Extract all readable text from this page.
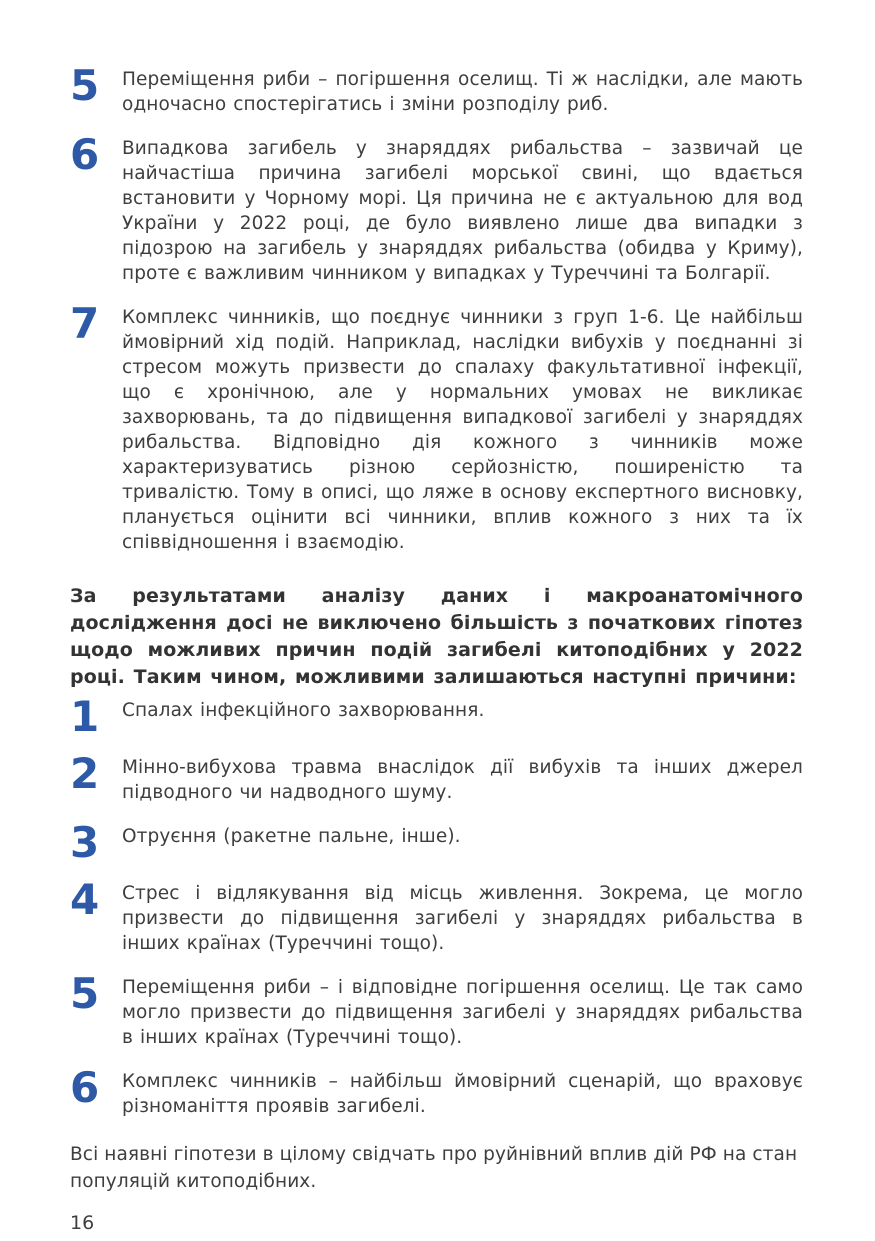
5	Переміщення риби – погіршення оселищ. Ті ж наслідки, але мають одночасно спостерігатись і зміни розподілу риб.
6	Випадкова загибель у знаряддях рибальства – зазвичай це найчастіша причина загибелі морської свині, що вдається встановити у Чорному морі. Ця причина не є актуальною для вод України у 2022 році, де було виявлено лише два випадки з підозрою на загибель у знаряддях рибальства (обидва у Криму), проте є важливим чинником у випадках у Туреччині та Болгарії.
7	Комплекс чинників, що поєднує чинники з груп 1-6. Це найбільш ймовірний хід подій. Наприклад, наслідки вибухів у поєднанні зі стресом можуть призвести до спалаху факультативної інфекції, що є хронічною, але у нормальних умовах не викликає захворювань, та до підвищення випадкової загибелі у знаряддях рибальства. Відповідно дія кожного з чинників може характеризуватись різною серйозністю, поширеністю та тривалістю. Тому в описі, що ляже в основу експертного висновку, планується оцінити всі чинники, вплив кожного з них та їх співвідношення і взаємодію.
За результатами аналізу даних і макроанатомічного дослідження досі не виключено більшість з початкових гіпотез щодо можливих причин подій загибелі китоподібних у 2022 році. Таким чином, можливими залишаються наступні причини:
1	Спалах інфекційного захворювання.
2	Мінно-вибухова травма внаслідок дії вибухів та інших джерел підводного чи надводного шуму.
3	Отруєння (ракетне пальне, інше).
4	Стрес і відлякування від місць живлення. Зокрема, це могло призвести до підвищення загибелі у знаряддях рибальства в інших країнах (Туреччині тощо).
5	Переміщення риби – і відповідне погіршення оселищ. Це так само могло призвести до підвищення загибелі у знаряддях рибальства в інших країнах (Туреччині тощо).
6	Комплекс чинників – найбільш ймовірний сценарій, що враховує різноманіття проявів загибелі.
Всі наявні гіпотези в цілому свідчать про руйнівний вплив дій РФ на стан популяцій китоподібних.
16
